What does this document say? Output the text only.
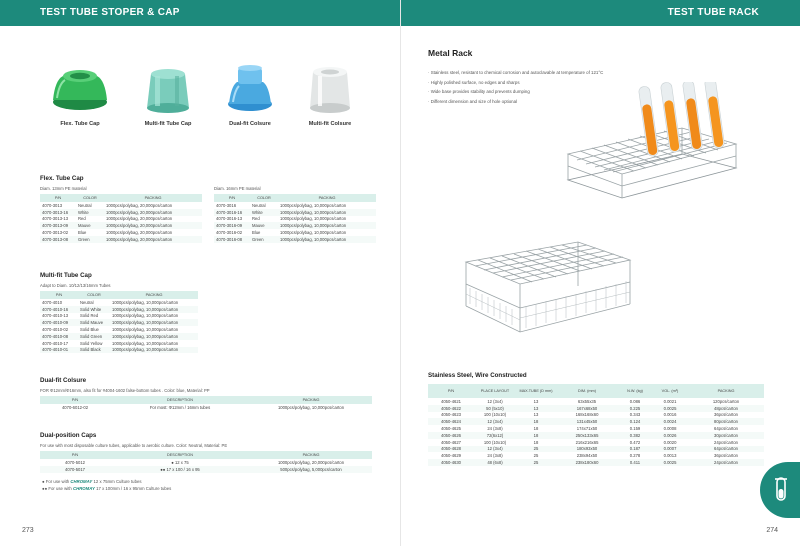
TEST TUBE STOPER & CAP
Flex. Tube Cap	Multi-fit Tube Cap	Dual-fit Colsure	Multi-fit Colsure
Flex. Tube Cap
Diam. 13mm PE material	Diam. 16mm PE material
P/N	COLOR	PACKING
4070-3013	Neutral	1000pcs/polybag, 20,000pcs/carton
4070-3013-16	White	1000pcs/polybag, 20,000pcs/carton
4070-3013-13	Red	1000pcs/polybag, 20,000pcs/carton
4070-3013-09	Mauve	1000pcs/polybag, 20,000pcs/carton
4070-3013-02	Blue	1000pcs/polybag, 20,000pcs/carton
4070-3013-08	Green	1000pcs/polybag, 20,000pcs/carton
P/N	COLOR	PACKING
4070-3016	Neutral	1000pcs/polybag, 10,000pcs/carton
4070-3016-16	White	1000pcs/polybag, 10,000pcs/carton
4070-3016-13	Red	1000pcs/polybag, 10,000pcs/carton
4070-3016-09	Mauve	1000pcs/polybag, 10,000pcs/carton
4070-3016-02	Blue	1000pcs/polybag, 10,000pcs/carton
4070-3016-08	Green	1000pcs/polybag, 10,000pcs/carton
Multi-fit Tube Cap
Adapt to Diam. 10/12/13/16mm Tubes
P/N	COLOR	PACKING
4070-4010	Neutral	1000pcs/polybag, 10,000pcs/carton
4070-4010-16	Solid White	1000pcs/polybag, 10,000pcs/carton
4070-4010-13	Solid Red	1000pcs/polybag, 10,000pcs/carton
4070-4010-09	Solid Mauve	1000pcs/polybag, 10,000pcs/carton
4070-4010-02	Solid Blue	1000pcs/polybag, 10,000pcs/carton
4070-4010-08	Solid Green	1000pcs/polybag, 10,000pcs/carton
4070-4010-17	Solid Yellow	1000pcs/polybag, 10,000pcs/carton
4070-4010-01	Solid Black	1000pcs/polybag, 10,000pcs/carton
Dual-fit Colsure
FOR Φ12mm/Φ16mm, also fit for #4004-1602 false-bottom tubes . Color: blue, Material: PP
P/N	DESCRIPTION	PACKING
4070-6012-02	For most: Φ12mm / 16mm tubes	1000pcs/polybag, 10,000pcs/carton
Dual-position Caps
For use with most disposable culture tubes, applicable to aerobic culture. Color: Neutral, Material: PE
P/N	DESCRIPTION	PACKING
4070-5012	● 12 x 75	1000pcs/polybag, 20,000pcs/carton
4070-5017	●● 17 x 100 / 16 x 95	500pcs/polybag, 5,000pcs/carton
● For use with CHROMAY 12 x 75mm Culture tubes
●● For use with CHROMAY 17 x 100mm / 16 x 95mm Culture tubes
273
TEST TUBE RACK
274
Metal Rack
· Stainless steel, resistant to chemical corrosion and autoclavable at temperature of 121°C
· Highly polished surface, no edges and sharps
· Wide base provides stability and prevents dumping
· Different dimension and size of hole optional
Stainless Steel, Wire Constructed
P/N	PLACE LAYOUT	MAX.TUBE (D mm)	DIM. (mm)	N.W. (kg)	VOL. (m³)	PACKING
4050-4621	12 (3x4)	13	63x55x35	0.086	0.0021	120pcs/carton
4050-4622	50 (5x10)	13	167x68x50	0.225	0.0025	48pcs/carton
4050-4623	100 (10x10)	13	168x168x60	0.343	0.0016	36pcs/carton
4050-4624	12 (3x4)	18	131x45x50	0.124	0.0024	80pcs/carton
4050-4625	24 (3x8)	18	174x71x50	0.159	0.0008	64pcs/carton
4050-4626	72(6x12)	18	250x133x65	0.382	0.0026	30pcs/carton
4050-4627	100 (10x10)	18	216x216x65	0.472	0.0020	24pcs/carton
4050-4628	12 (3x4)	25	180x93x50	0.187	0.0007	64pcs/carton
4050-4629	24 (3x8)	25	238x94x50	0.278	0.0013	36pcs/carton
4050-4630	48 (6x8)	25	238x180x60	0.411	0.0025	24pcs/carton
